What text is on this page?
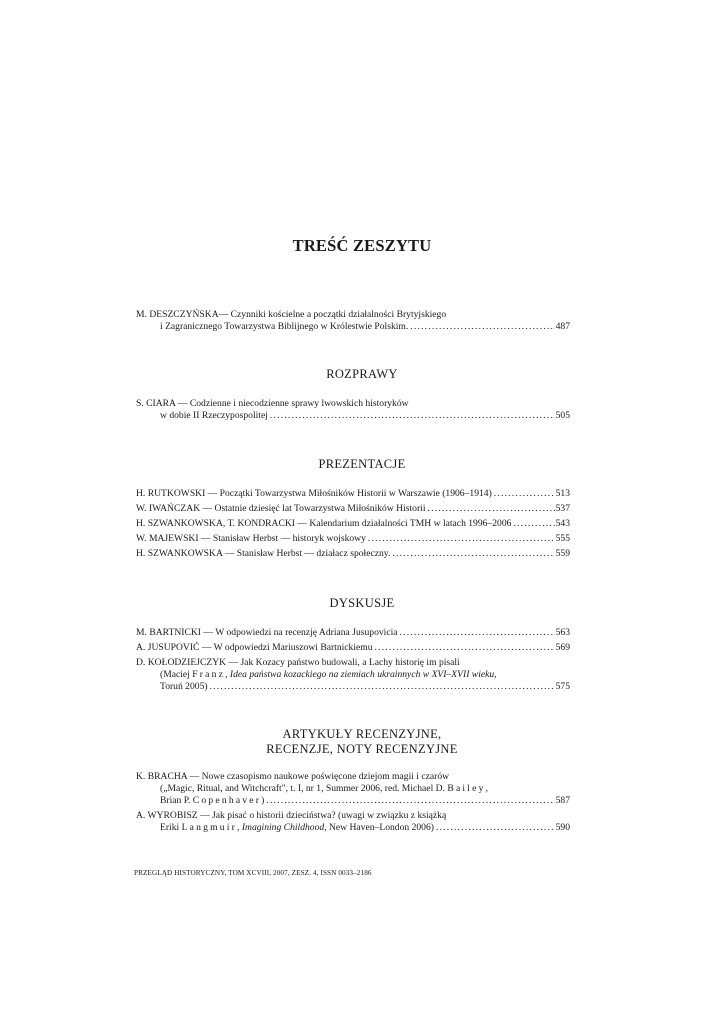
TREŚĆ ZESZYTU
M. DESZCZYŃSKA— Czynniki kościelne a początki działalności Brytyjskiego
i Zagranicznego Towarzystwa Biblijnego w Królestwie Polskim. . . .	487
ROZPRAWY
S. CIARA — Codzienne i niecodzienne sprawy lwowskich historyków
w dobie II Rzeczypospolitej . . .	505
PREZENTACJE
H. RUTKOWSKI — Początki Towarzystwa Miłośników Historii w Warszawie (1906–1914) . . .	513
W. IWAŃCZAK — Ostatnie dziesięć lat Towarzystwa Miłośników Historii . . .	537
H. SZWANKOWSKA, T. KONDRACKI — Kalendarium działalności TMH w latach 1996–2006 . . .	543
W. MAJEWSKI — Stanisław Herbst — historyk wojskowy . . .	555
H. SZWANKOWSKA — Stanisław Herbst — działacz społeczny. . . .	559
DYSKUSJE
M. BARTNICKI — W odpowiedzi na recenzję Adriana Jusupovicia . . .	563
A. JUSUPOVIĆ — W odpowiedzi Mariuszowi Bartnickiemu . . .	569
D. KOŁODZIEJCZYK — Jak Kozacy państwo budowali, a Lachy historię im pisali
(Maciej Franz, Idea państwa kozackiego na ziemiach ukrainnych w XVI–XVII wieku,
Toruń 2005) . . .	575
ARTYKUŁY RECENZYJNE,
RECENZJE, NOTY RECENZYJNE
K. BRACHA — Nowe czasopismo naukowe poświęcone dziejom magii i czarów
(„Magic, Ritual, and Witchcraft", t. I, nr 1, Summer 2006, red. Michael D. Bailey,
Brian P. Copenhaver) . . .	587
A. WYROBISZ — Jak pisać o historii dzieciństwa? (uwagi w związku z książką
Eriki Langmuir, Imagining Childhood, New Haven–London 2006) . . .	590
PRZEGLĄD HISTORYCZNY, TOM XCVIII, 2007, ZESZ. 4, ISSN 0033–2186
